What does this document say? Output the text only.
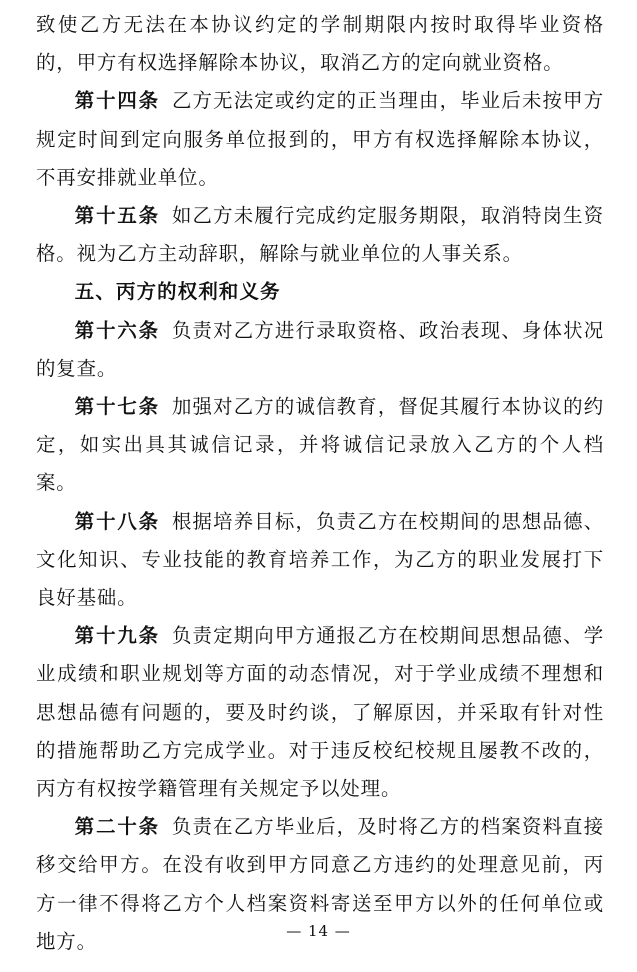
致使乙方无法在本协议约定的学制期限内按时取得毕业资格的，甲方有权选择解除本协议，取消乙方的定向就业资格。

第十四条 乙方无法定或约定的正当理由，毕业后未按甲方规定时间到定向服务单位报到的，甲方有权选择解除本协议，不再安排就业单位。

第十五条 如乙方未履行完成约定服务期限，取消特岗生资格。视为乙方主动辞职，解除与就业单位的人事关系。

五、丙方的权利和义务

第十六条 负责对乙方进行录取资格、政治表现、身体状况的复查。

第十七条 加强对乙方的诚信教育，督促其履行本协议的约定，如实出具其诚信记录，并将诚信记录放入乙方的个人档案。

第十八条 根据培养目标，负责乙方在校期间的思想品德、文化知识、专业技能的教育培养工作，为乙方的职业发展打下良好基础。

第十九条 负责定期向甲方通报乙方在校期间思想品德、学业成绩和职业规划等方面的动态情况，对于学业成绩不理想和思想品德有问题的，要及时约谈，了解原因，并采取有针对性的措施帮助乙方完成学业。对于违反校纪校规且屡教不改的，丙方有权按学籍管理有关规定予以处理。

第二十条 负责在乙方毕业后，及时将乙方的档案资料直接移交给甲方。在没有收到甲方同意乙方违约的处理意见前，丙方一律不得将乙方个人档案资料寄送至甲方以外的任何单位或地方。	— 14 —
